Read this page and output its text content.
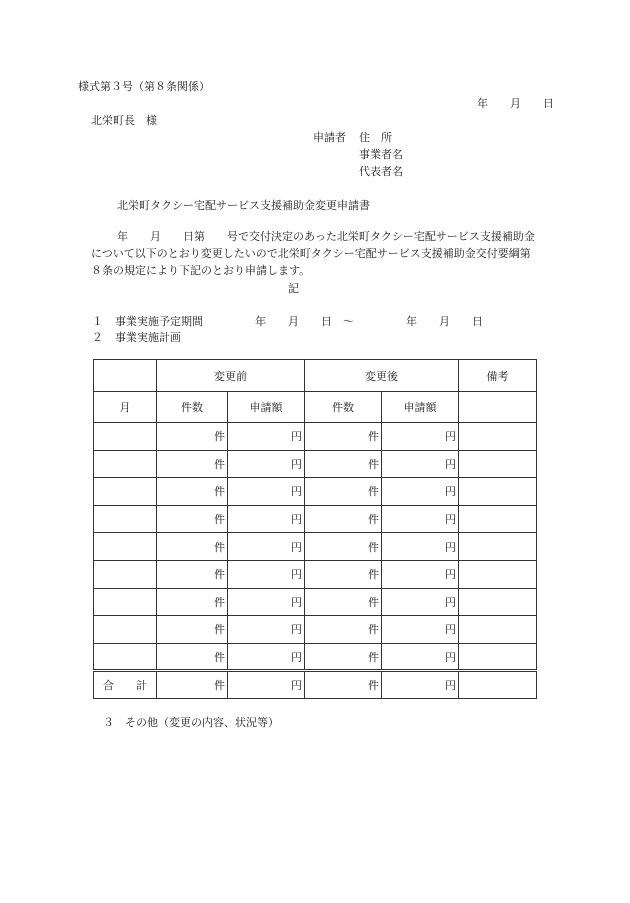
様式第３号（第８条関係）
年　　月　　日
北栄町長　様
申請者 住　所
事業者名
代表者名
北栄町タクシー宅配サービス支援補助金変更申請書
年　　月　　日第　　号で交付決定のあった北栄町タクシー宅配サービス支援補助金
について以下のとおり変更したいので北栄町タクシー宅配サービス支援補助金交付要綱第
８条の規定により下記のとおり申請します。
記
１ 事業実施予定期間	年　　月　　日　～	年　　月　　日
２ 事業実施計画
	変更前		変更後		備考
月	件数	申請額	件数	申請額	
	件	円	件	円	
	件	円	件	円	
	件	円	件	円	
	件	円	件	円	
	件	円	件	円	
	件	円	件	円	
	件	円	件	円	
	件	円	件	円	
	件	円	件	円	
合　　計	件	円	件	円	
３　その他（変更の内容、状況等）
